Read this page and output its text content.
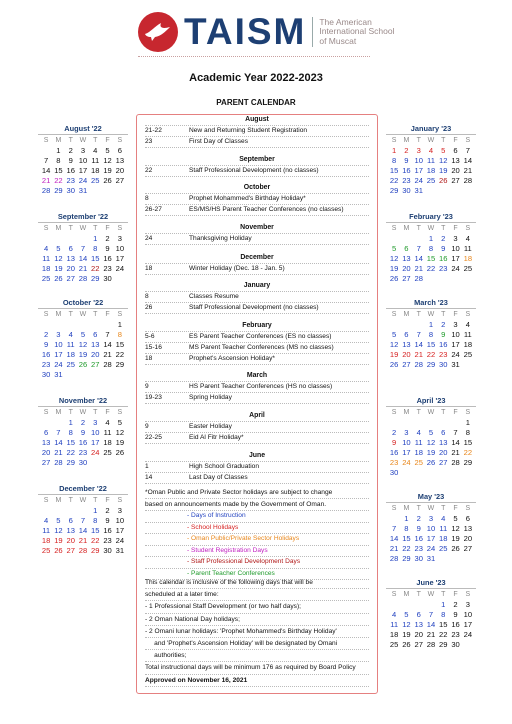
TAISM The American
International School
of Muscat
Academic Year 2022-2023
PARENT CALENDAR
August '22
S	M	T	W	T	F	S
	1	2	3	4	5	6
7	8	9	10	11	12	13
14	15	16	17	18	19	20
21	22	23	24	25	26	27
28	29	30	31			
September '22
S	M	T	W	T	F	S
				1	2	3
4	5	6	7	8	9	10
11	12	13	14	15	16	17
18	19	20	21	22	23	24
25	26	27	28	29	30	
October '22
S	M	T	W	T	F	S
						1
2	3	4	5	6	7	8
9	10	11	12	13	14	15
16	17	18	19	20	21	22
23	24	25	26	27	28	29
30	31					
November '22
S	M	T	W	T	F	S
		1	2	3	4	5
6	7	8	9	10	11	12
13	14	15	16	17	18	19
20	21	22	23	24	25	26
27	28	29	30			
December '22
S	M	T	W	T	F	S
				1	2	3
4	5	6	7	8	9	10
11	12	13	14	15	16	17
18	19	20	21	22	23	24
25	26	27	28	29	30	31
January '23
S	M	T	W	T	F	S
1	2	3	4	5	6	7
8	9	10	11	12	13	14
15	16	17	18	19	20	21
22	23	24	25	26	27	28
29	30	31				
February '23
S	M	T	W	T	F	S
			1	2	3	4
5	6	7	8	9	10	11
12	13	14	15	16	17	18
19	20	21	22	23	24	25
26	27	28				
March '23
S	M	T	W	T	F	S
			1	2	3	4
5	6	7	8	9	10	11
12	13	14	15	16	17	18
19	20	21	22	23	24	25
26	27	28	29	30	31	
April '23
S	M	T	W	T	F	S
						1
2	3	4	5	6	7	8
9	10	11	12	13	14	15
16	17	18	19	20	21	22
23	24	25	26	27	28	29
30						
May '23
S	M	T	W	T	F	S
	1	2	3	4	5	6
7	8	9	10	11	12	13
14	15	16	17	18	19	20
21	22	23	24	25	26	27
28	29	30	31			
June '23
S	M	T	W	T	F	S
				1	2	3
4	5	6	7	8	9	10
11	12	13	14	15	16	17
18	19	20	21	22	23	24
25	26	27	28	29	30	
August
21-22	New and Returning Student Registration
23	First Day of Classes
September
22	Staff Professional Development (no classes)
October
8	Prophet Mohammed's Birthday Holiday*
26-27	ES/MS/HS Parent Teacher Conferences (no classes)
November
24	Thanksgiving Holiday
December
18	Winter Holiday (Dec. 18 - Jan. 5)
January
8	Classes Resume
26	Staff Professional Development (no classes)
February
5-6	ES Parent Teacher Conferences (ES no classes)
15-16	MS Parent Teacher Conferences (MS no classes)
18	Prophet's Ascension Holiday*
March
9	HS Parent Teacher Conferences (HS no classes)
19-23	Spring Holiday
April
9	Easter Holiday
22-25	Eid Al Fitr Holiday*
June
1	High School Graduation
14	Last Day of Classes
*Oman Public and Private Sector holidays are subject to change
based on announcements made by the Government of Oman.
- Days of Instruction
- School Holidays
- Oman Public/Private Sector Holidays
- Student Registration Days
- Staff Professional Development Days
- Parent Teacher Conferences
This calendar is inclusive of the following days that will be
scheduled at a later time:
- 1 Professional Staff Development (or two half days);
- 2 Oman National Day holidays;
- 2 Omani lunar holidays: 'Prophet Mohammed's Birthday Holiday'
and 'Prophet's Ascension Holiday' will be designated by Omani
authorities;
Total instructional days will be minimum 176 as required by Board Policy
Approved on November 16, 2021
